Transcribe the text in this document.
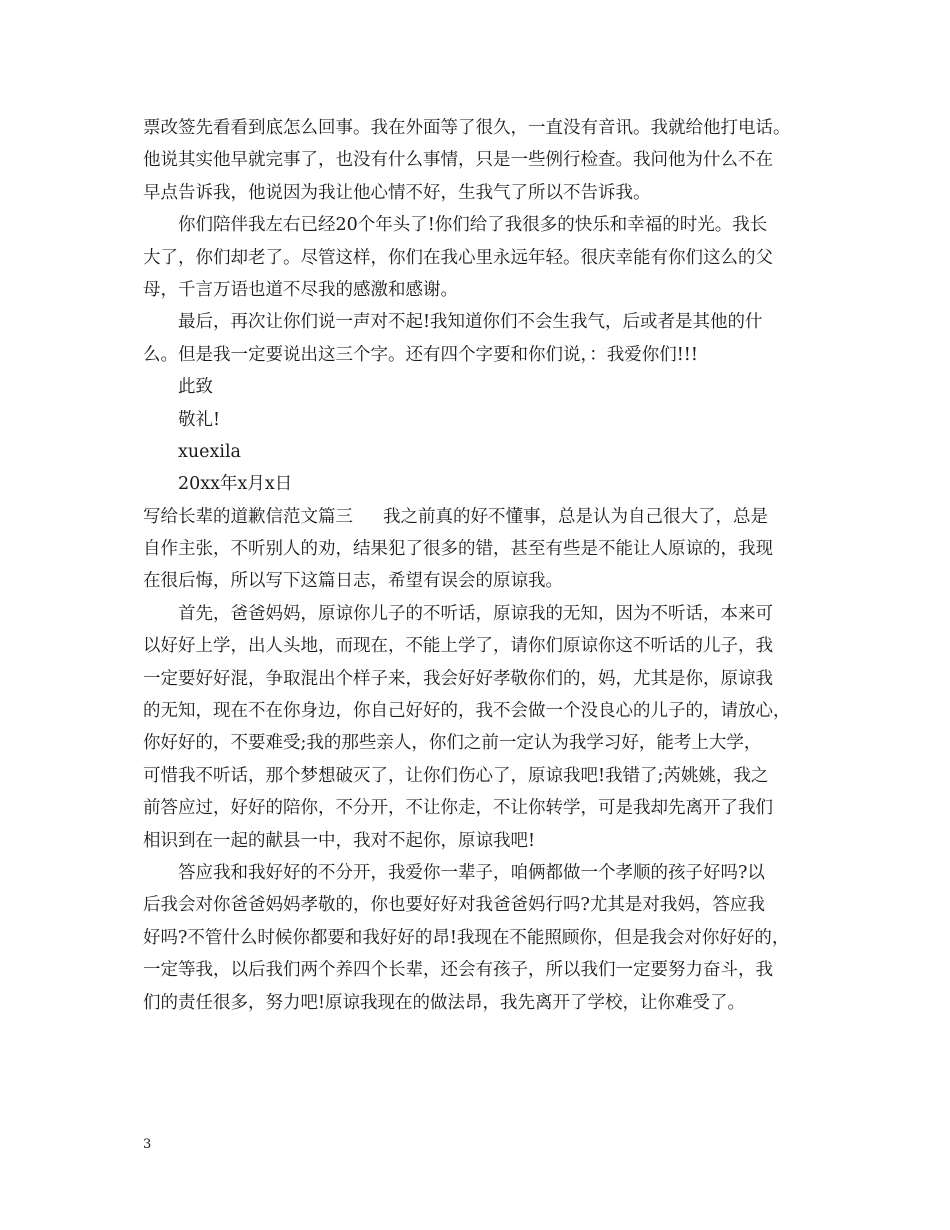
票改签先看看到底怎么回事。我在外面等了很久，一直没有音讯。我就给他打电话。
他说其实他早就完事了，也没有什么事情，只是一些例行检查。我问他为什么不在
早点告诉我，他说因为我让他心情不好，生我气了所以不告诉我。
你们陪伴我左右已经20个年头了!你们给了我很多的快乐和幸福的时光。我长
大了，你们却老了。尽管这样，你们在我心里永远年轻。很庆幸能有你们这么的父
母，千言万语也道不尽我的感激和感谢。
最后，再次让你们说一声对不起!我知道你们不会生我气，后或者是其他的什
么。但是我一定要说出这三个字。还有四个字要和你们说，：我爱你们!!!
此致
敬礼!
xuexila
20xx年x月x日
写给长辈的道歉信范文篇三 我之前真的好不懂事，总是认为自己很大了，总是
自作主张，不听别人的劝，结果犯了很多的错，甚至有些是不能让人原谅的，我现
在很后悔，所以写下这篇日志，希望有误会的原谅我。
首先，爸爸妈妈，原谅你儿子的不听话，原谅我的无知，因为不听话，本来可
以好好上学，出人头地，而现在，不能上学了，请你们原谅你这不听话的儿子，我
一定要好好混，争取混出个样子来，我会好好孝敬你们的，妈，尤其是你，原谅我
的无知，现在不在你身边，你自己好好的，我不会做一个没良心的儿子的，请放心，
你好好的，不要难受;我的那些亲人，你们之前一定认为我学习好，能考上大学，
可惜我不听话，那个梦想破灭了，让你们伤心了，原谅我吧!我错了;芮姚姚，我之
前答应过，好好的陪你，不分开，不让你走，不让你转学，可是我却先离开了我们
相识到在一起的献县一中，我对不起你，原谅我吧!
答应我和我好好的不分开，我爱你一辈子，咱俩都做一个孝顺的孩子好吗?以
后我会对你爸爸妈妈孝敬的，你也要好好对我爸爸妈行吗?尤其是对我妈，答应我
好吗?不管什么时候你都要和我好好的昂!我现在不能照顾你，但是我会对你好好的，
一定等我，以后我们两个养四个长辈，还会有孩子，所以我们一定要努力奋斗，我
们的责任很多，努力吧!原谅我现在的做法昂，我先离开了学校，让你难受了。
3
